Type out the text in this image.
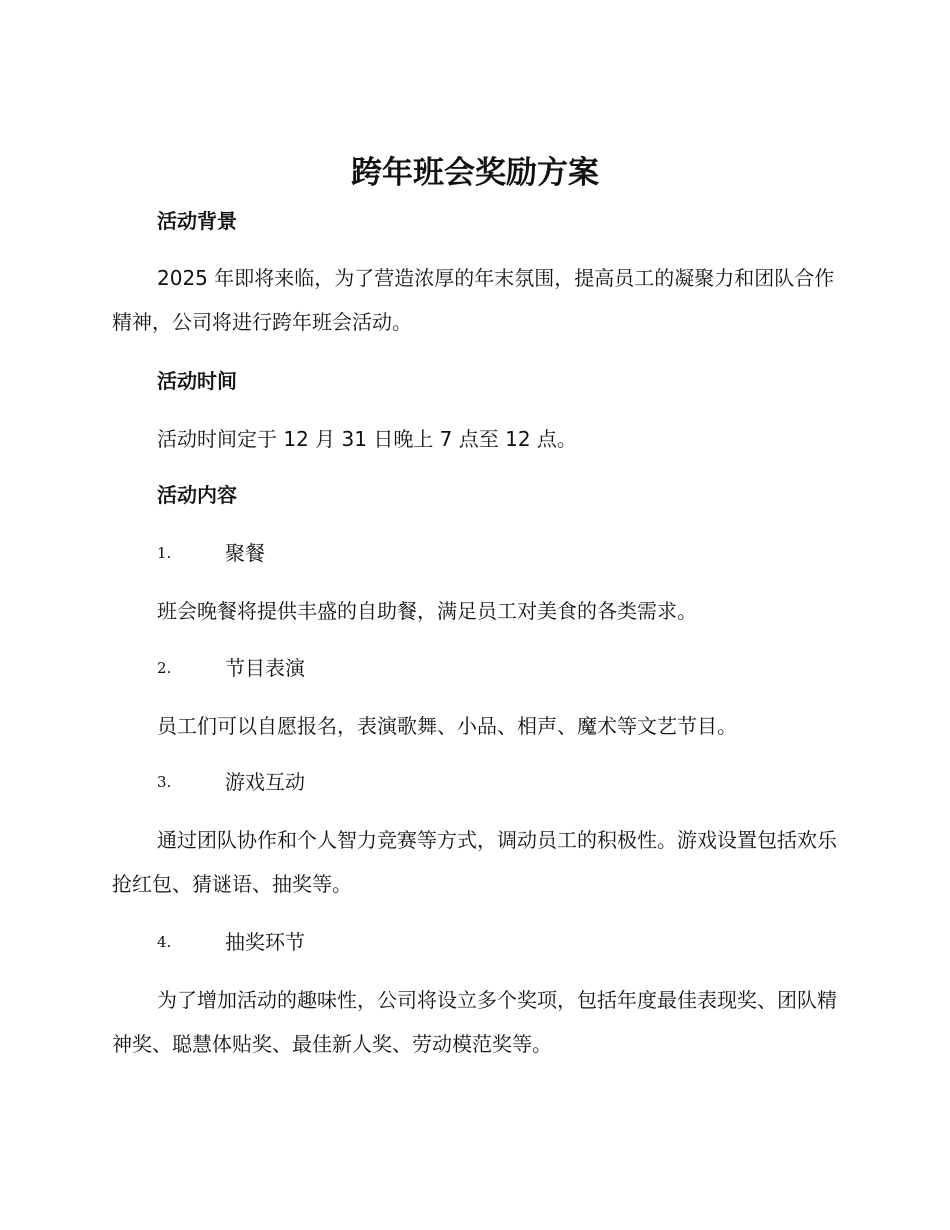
跨年班会奖励方案
活动背景

2025 年即将来临，为了营造浓厚的年末氛围，提高员工的凝聚力和团队合作精神，公司将进行跨年班会活动。

活动时间

活动时间定于 12 月 31 日晚上 7 点至 12 点。

活动内容
1.	聚餐

班会晚餐将提供丰盛的自助餐，满足员工对美食的各类需求。

2.	节目表演

员工们可以自愿报名，表演歌舞、小品、相声、魔术等文艺节目。

3.	游戏互动

通过团队协作和个人智力竞赛等方式，调动员工的积极性。游戏设置包括欢乐抢红包、猜谜语、抽奖等。

4.	抽奖环节

为了增加活动的趣味性，公司将设立多个奖项，包括年度最佳表现奖、团队精神奖、聪慧体贴奖、最佳新人奖、劳动模范奖等。
